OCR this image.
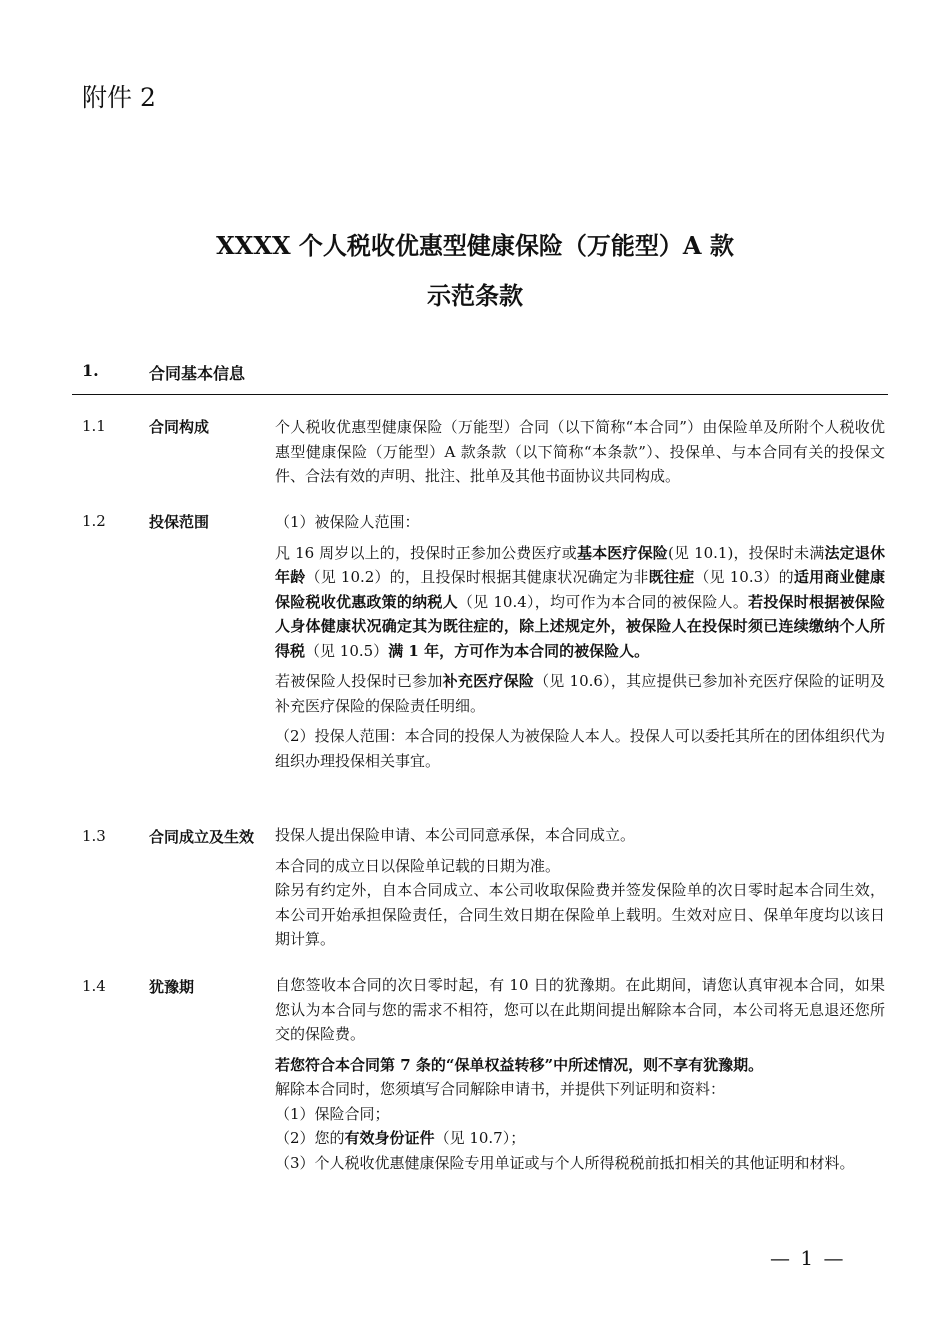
附件 2
XXXX 个人税收优惠型健康保险（万能型）A 款
示范条款
1.	合同基本信息
1.1	合同构成	个人税收优惠型健康保险（万能型）合同（以下简称“本合同”）由保险单及所附个人税收优惠型健康保险（万能型）A 款条款（以下简称“本条款”）、投保单、与本合同有关的投保文件、合法有效的声明、批注、批单及其他书面协议共同构成。

1.2	投保范围	（1）被保险人范围：

凡 16 周岁以上的，投保时正参加公费医疗或基本医疗保险(见 10.1)，投保时未满法定退休年龄（见 10.2）的，且投保时根据其健康状况确定为非既往症（见 10.3）的适用商业健康保险税收优惠政策的纳税人（见 10.4），均可作为本合同的被保险人。若投保时根据被保险人身体健康状况确定其为既往症的，除上述规定外，被保险人在投保时须已连续缴纳个人所得税（见 10.5）满 1 年，方可作为本合同的被保险人。

若被保险人投保时已参加补充医疗保险（见 10.6），其应提供已参加补充医疗保险的证明及补充医疗保险的保险责任明细。

（2）投保人范围：本合同的投保人为被保险人本人。投保人可以委托其所在的团体组织代为组织办理投保相关事宜。

1.3	合同成立及生效	投保人提出保险申请、本公司同意承保，本合同成立。

本合同的成立日以保险单记载的日期为准。

除另有约定外，自本合同成立、本公司收取保险费并签发保险单的次日零时起本合同生效，本公司开始承担保险责任，合同生效日期在保险单上载明。生效对应日、保单年度均以该日期计算。

1.4	犹豫期	自您签收本合同的次日零时起，有 10 日的犹豫期。在此期间，请您认真审视本合同，如果您认为本合同与您的需求不相符，您可以在此期间提出解除本合同，本公司将无息退还您所交的保险费。

若您符合本合同第 7 条的“保单权益转移”中所述情况，则不享有犹豫期。

解除本合同时，您须填写合同解除申请书，并提供下列证明和资料：

（1）保险合同；

（2）您的有效身份证件（见 10.7）；

（3）个人税收优惠健康保险专用单证或与个人所得税税前抵扣相关的其他证明和材料。

— 1 —
